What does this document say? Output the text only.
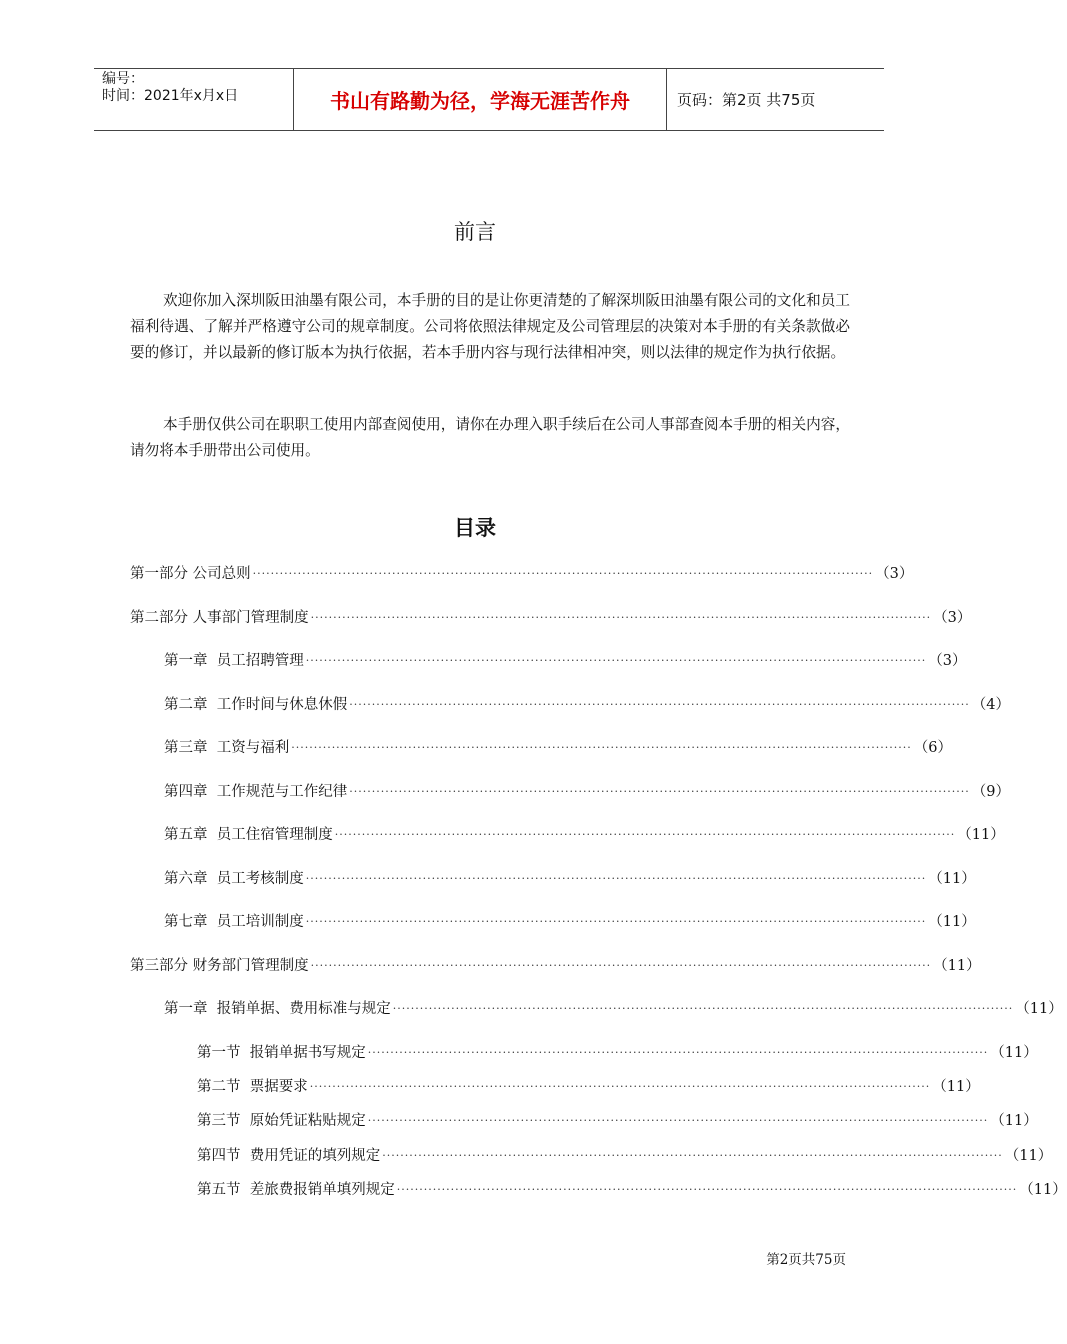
编号：
时间：2021年x月x日	书山有路勤为径，学海无涯苦作舟	页码：第2页 共75页
前言

欢迎你加入深圳阪田油墨有限公司，本手册的目的是让你更清楚的了解深圳阪田油墨有限公司的文化和员工福利待遇、了解并严格遵守公司的规章制度。公司将依照法律规定及公司管理层的决策对本手册的有关条款做必要的修订，并以最新的修订版本为执行依据，若本手册内容与现行法律相冲突，则以法律的规定作为执行依据。

本手册仅供公司在职职工使用内部查阅使用，请你在办理入职手续后在公司人事部查阅本手册的相关内容，请勿将本手册带出公司使用。

目录
第一部分 公司总则 ·········································································································································· （3）
第二部分 人事部门管理制度 ·········································································································································· （3）
第一章  员工招聘管理 ·········································································································································· （3）
第二章  工作时间与休息休假 ·········································································································································· （4）
第三章  工资与福利 ·········································································································································· （6）
第四章  工作规范与工作纪律 ·········································································································································· （9）
第五章  员工住宿管理制度 ·········································································································································· （11）
第六章  员工考核制度 ·········································································································································· （11）
第七章  员工培训制度 ·········································································································································· （11）
第三部分 财务部门管理制度 ·········································································································································· （11）
第一章  报销单据、费用标准与规定 ·········································································································································· （11）
第一节  报销单据书写规定 ·········································································································································· （11）
第二节  票据要求 ·········································································································································· （11）
第三节  原始凭证粘贴规定 ·········································································································································· （11）
第四节  费用凭证的填列规定 ·········································································································································· （11）
第五节  差旅费报销单填列规定 ·········································································································································· （11）
第2页共75页
